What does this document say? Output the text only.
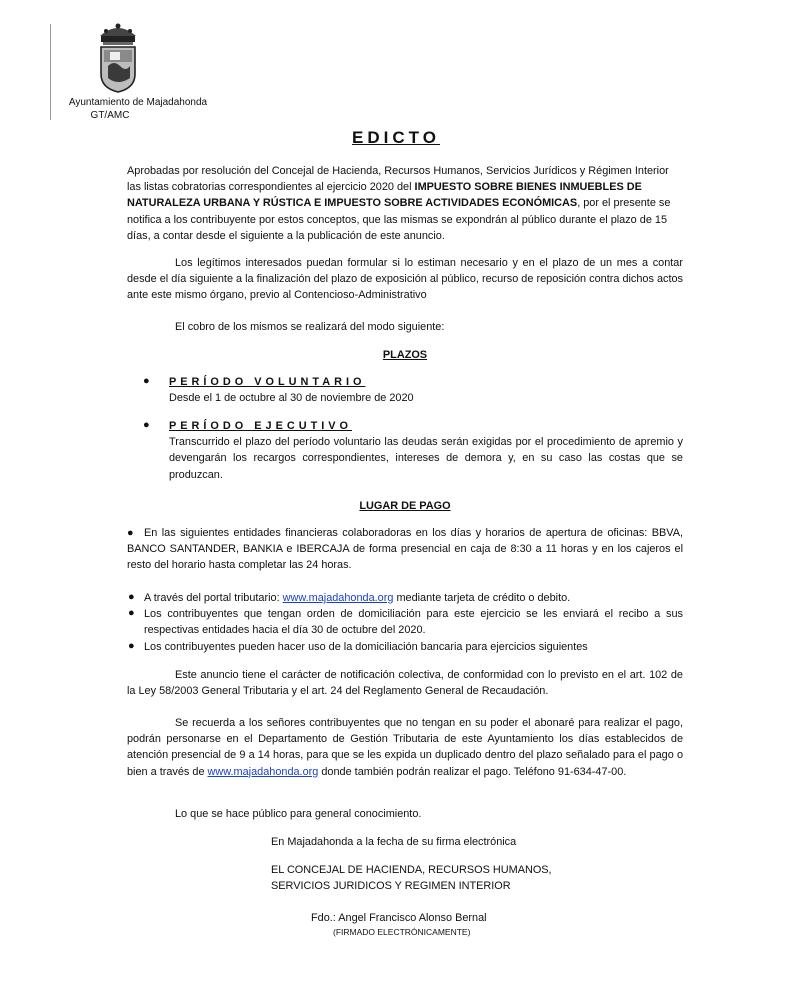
Ayuntamiento de Majadahonda
GT/AMC
EDICTO
Aprobadas por resolución del Concejal de Hacienda, Recursos Humanos, Servicios Jurídicos y Régimen Interior las listas cobratorias correspondientes al ejercicio 2020 del IMPUESTO SOBRE BIENES INMUEBLES DE NATURALEZA URBANA Y RÚSTICA E IMPUESTO SOBRE ACTIVIDADES ECONÓMICAS, por el presente se notifica a los contribuyente por estos conceptos, que las mismas se expondrán al público durante el plazo de 15 días, a contar desde el siguiente a la publicación de este anuncio.
Los legítimos interesados puedan formular si lo estiman necesario y en el plazo de un mes a contar desde el día siguiente a la finalización del plazo de exposición al público, recurso de reposición contra dichos actos ante este mismo órgano, previo al Contencioso-Administrativo
El cobro de los mismos se realizará del modo siguiente:
PLAZOS
● PERÍODO VOLUNTARIO
Desde el 1 de octubre al 30 de noviembre de 2020
● PERÍODO EJECUTIVO

Transcurrido el plazo del período voluntario las deudas serán exigidas por el procedimiento de apremio y devengarán los recargos correspondientes, intereses de demora y, en su caso las costas que se produzcan.
LUGAR DE PAGO
● En las siguientes entidades financieras colaboradoras en los días y horarios de apertura de oficinas: BBVA, BANCO SANTANDER, BANKIA e IBERCAJA de forma presencial en caja de 8:30 a 11 horas y en los cajeros el resto del horario hasta completar las 24 horas.
● A través del portal tributario: www.majadahonda.org mediante tarjeta de crédito o debito.
● Los contribuyentes que tengan orden de domiciliación para este ejercicio se les enviará el recibo a sus respectivas entidades hacia el día 30 de octubre del 2020.
● Los contribuyentes pueden hacer uso de la domiciliación bancaria para ejercicios siguientes
Este anuncio tiene el carácter de notificación colectiva, de conformidad con lo previsto en el art. 102 de la Ley 58/2003 General Tributaria y el art. 24 del Reglamento General de Recaudación.
Se recuerda a los señores contribuyentes que no tengan en su poder el abonaré para realizar el pago, podrán personarse en el Departamento de Gestión Tributaria de este Ayuntamiento los días establecidos de atención presencial de 9 a 14 horas, para que se les expida un duplicado dentro del plazo señalado para el pago o bien a través de www.majadahonda.org donde también podrán realizar el pago. Teléfono 91-634-47-00.
Lo que se hace público para general conocimiento.
En Majadahonda a la fecha de su firma electrónica
EL CONCEJAL DE HACIENDA, RECURSOS HUMANOS,
SERVICIOS JURIDICOS Y REGIMEN INTERIOR
Fdo.: Angel Francisco Alonso Bernal
(FIRMADO ELECTRÓNICAMENTE)
